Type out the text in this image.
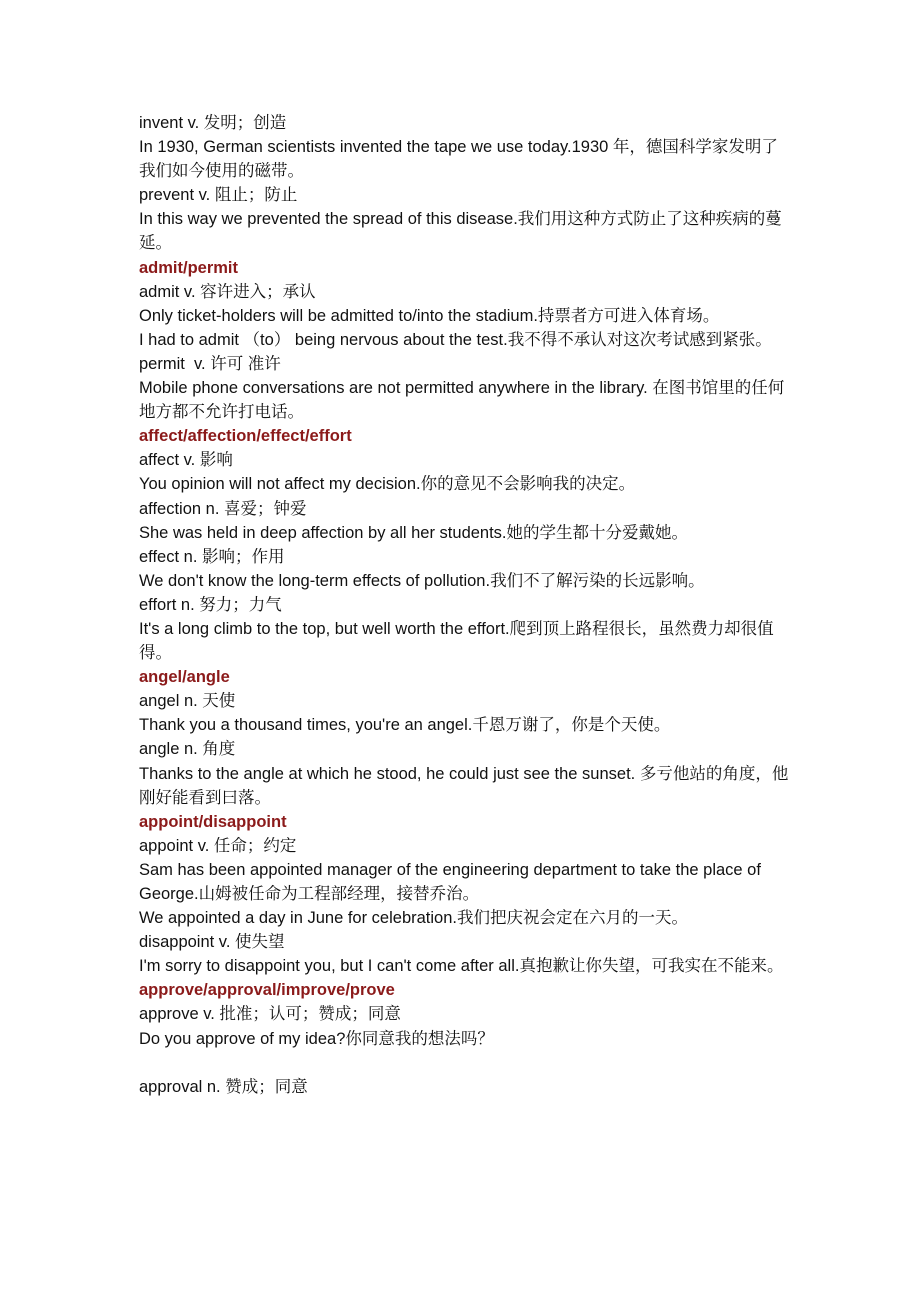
invent v. 发明；创造

In 1930, German scientists invented the tape we use today.1930 年，德国科学家发明了我们如今使用的磁带。

prevent v. 阻止；防止

In this way we prevented the spread of this disease.我们用这种方式防止了这种疾病的蔓延。

admit/permit

admit v. 容许进入；承认

Only ticket-holders will be admitted to/into the stadium.持票者方可进入体育场。

I had to admit （to） being nervous about the test.我不得不承认对这次考试感到紧张。

permit  v. 许可 准许

Mobile phone conversations are not permitted anywhere in the library. 在图书馆里的任何地方都不允许打电话。

affect/affection/effect/effort

affect v. 影响

You opinion will not affect my decision.你的意见不会影响我的决定。

affection n. 喜爱；钟爱

She was held in deep affection by all her students.她的学生都十分爱戴她。

effect n. 影响；作用

We don't know the long-term effects of pollution.我们不了解污染的长远影响。

effort n. 努力；力气

It's a long climb to the top, but well worth the effort.爬到顶上路程很长，虽然费力却很值得。

angel/angle

angel n. 天使

Thank you a thousand times, you're an angel.千恩万谢了，你是个天使。

angle n. 角度

Thanks to the angle at which he stood, he could just see the sunset. 多亏他站的角度，他刚好能看到曰落。

appoint/disappoint

appoint v. 任命；约定

Sam has been appointed manager of the engineering department to take the place of George.山姆被任命为工程部经理，接替乔治。

We appointed a day in June for celebration.我们把庆祝会定在六月的一天。

disappoint v. 使失望

I'm sorry to disappoint you, but I can't come after all.真抱歉让你失望，可我实在不能来。

approve/approval/improve/prove

approve v. 批准；认可；赞成；同意

Do you approve of my idea?你同意我的想法吗？

approval n. 赞成；同意
